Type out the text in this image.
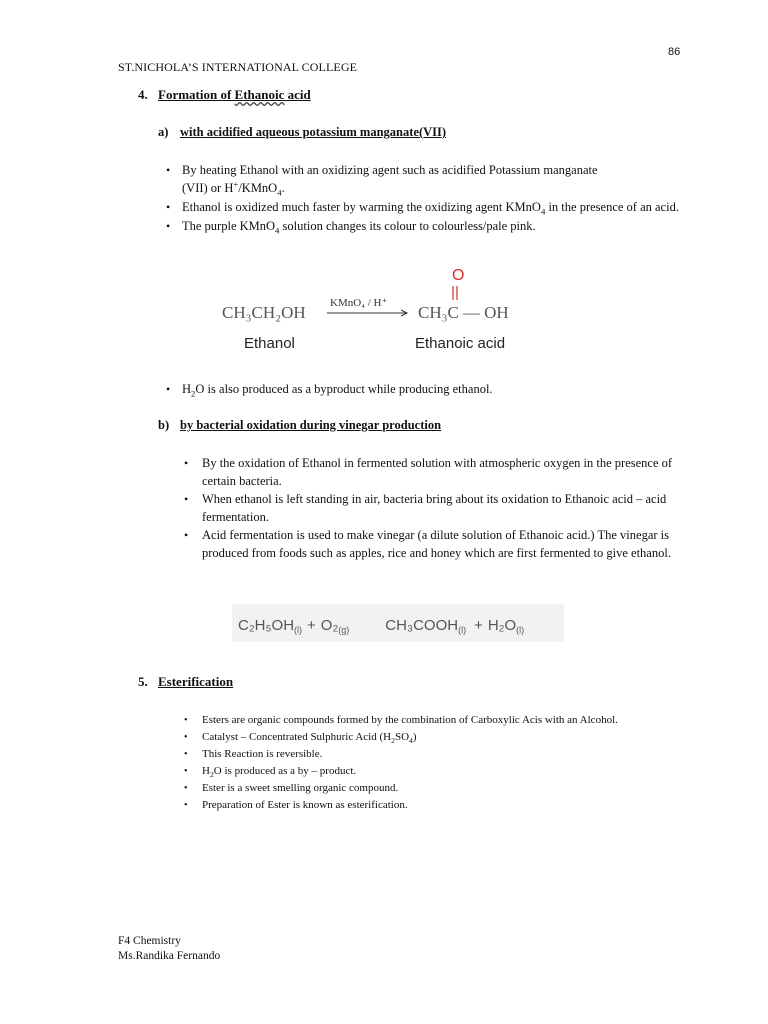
86
ST.NICHOLA’S INTERNATIONAL COLLEGE
4. Formation of Ethanoic acid
a) with acidified aqueous potassium manganate(VII)
• By heating Ethanol with an oxidizing agent such as acidified Potassium manganate
(VII) or H+/KMnO$_4$.
• Ethanol is oxidized much faster by warming the oxidizing agent KMnO$_4$ in the presence of an acid.
• The purple KMnO$_4$ solution changes its colour to colourless/pale pink.
O
CH₃CH₂OH KMnO₄ / H⁺ CH₃C — OH
Ethanol	Ethanoic acid
• $H_2O$ is also produced as a byproduct while producing ethanol.
b) by bacterial oxidation during vinegar production
• By the oxidation of Ethanol in fermented solution with atmospheric oxygen in the presence of certain bacteria.
• When ethanol is left standing in air, bacteria bring about its oxidation to Ethanoic acid – acid fermentation.
• Acid fermentation is used to make vinegar (a dilute solution of Ethanoic acid.) The vinegar is produced from foods such as apples, rice and honey which are first fermented to give ethanol.
$C_2H_5OH_{(l)} + O_2_{(g)}$ $CH_3COOH_{(l)} + H_2O_{(l)}$
5. Esterification
• Esters are organic compounds formed by the combination of Carboxylic Acis with an Alcohol.
• Catalyst – Concentrated Sulphuric Acid $(H_2SO_4)$
• This Reaction is reversible.
• $H_2O$ is produced as a by – product.
• Ester is a sweet smelling organic compound.
• Preparation of Ester is known as esterification.
F4 Chemistry
Ms.Randika Fernando
